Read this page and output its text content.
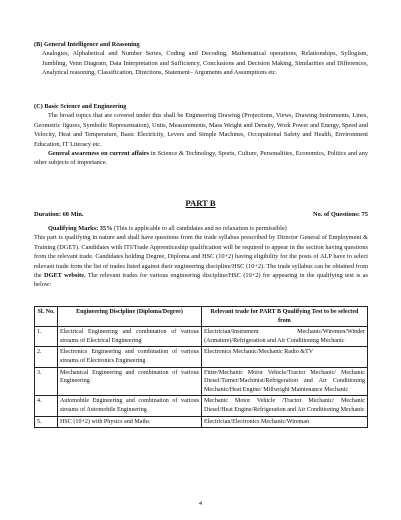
(B) General Intelligence and Reasoning
Analogies, Alphabetical and Number Series, Coding and Decoding, Mathematical operations, Relationships, Syllogism, Jumbling, Venn Diagram, Data Interpretation and Sufficiency, Conclusions and Decision Making, Similarities and Differences, Analytical reasoning, Classification, Directions, Statement– Arguments and Assumptions etc.
(C) Basic Science and Engineering
The broad topics that are covered under this shall be Engineering Drawing (Projections, Views, Drawing Instruments, Lines, Geometric figures, Symbolic Representation), Units, Measurements, Mass Weight and Density, Work Power and Energy, Speed and Velocity, Heat and Temperature, Basic Electricity, Levers and Simple Machines, Occupational Safety and Health, Environment Education, IT Literacy etc.
General awareness on current affairs in Science & Technology, Sports, Culture, Personalities, Economics, Politics and any other subjects of importance.
PART B
Duration: 60 Min.	No. of Questions: 75
Qualifying Marks: 35% (This is applicable to all candidates and no relaxation is permissible)
This part is qualifying in nature and shall have questions from the trade syllabus prescribed by Director General of Employment & Training (DGET). Candidates with ITI/Trade Apprenticeship qualification will be required to appear in the section having questions from the relevant trade. Candidates holding Degree, Diploma and HSC (10+2) having eligibility for the posts of ALP have to select relevant trade from the list of trades listed against their engineering discipline/HSC (10+2). The trade syllabus can be obtained from the DGET website. The relevant trades for various engineering discipline/HSC (10+2) for appearing in the qualifying test is as below:
Sl. No.	Engineering Discipline (Diploma/Degree)	Relevant trade for PART B Qualifying Test to be selected from
1.	Electrical Engineering and combination of various streams of Electrical Engineering	Electrician/Instrument Mechanic/Wiremen/Winder (Armature)/Refrigeration and Air Conditioning Mechanic
2.	Electronics Engineering and combination of various streams of Electronics Engineering	Electronics Mechanic/Mechanic Radio &TV
3.	Mechanical Engineering and combination of various Engineering	Fitter/Mechanic Motor Vehicle/Tractor Mechanic/ Mechanic Diesel/Turner/Machinist/Refrigeration and Air Conditioning Mechanic/Heat Engine/ Millwright Maintenance Mechanic
4.	Automobile Engineering and combination of various streams of Automobile Engineering	Mechanic Motor Vehicle /Tractor Mechanic/ Mechanic Diesel/Heat Engine/Refrigeration and Air Conditioning Mechanic
5.	HSC (10+2) with Physics and Maths	Electrician/Electronics Mechanic/Wireman
4
